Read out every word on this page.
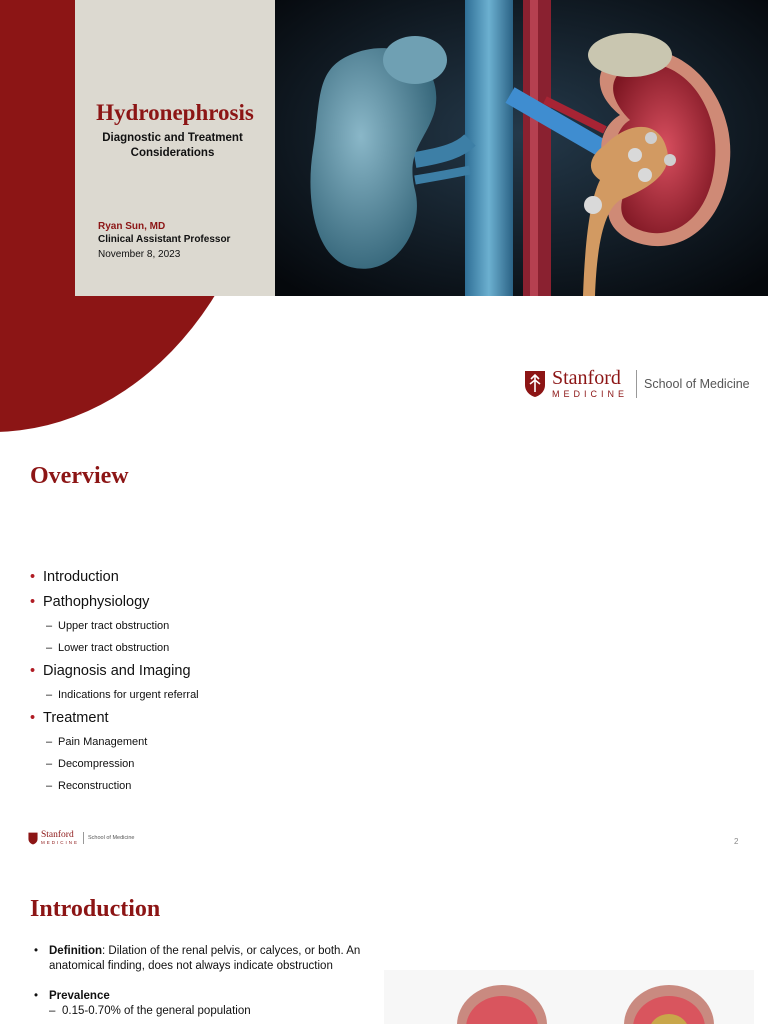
Hydronephrosis
Diagnostic and Treatment
Considerations
Ryan Sun, MD
Clinical Assistant Professor
November 8, 2023
Stanford
MEDICINE
School of Medicine
Overview
• Introduction
• Pathophysiology
– Upper tract obstruction
– Lower tract obstruction
• Diagnosis and Imaging
– Indications for urgent referral
• Treatment
– Pain Management
– Decompression
– Reconstruction
2
Stanford
MEDICINE
School of Medicine
Introduction
• Definition: Dilation of the renal pelvis, or calyces, or both. An anatomical finding, does not always indicate obstruction
• Prevalence
– 0.15-0.70% of the general population
